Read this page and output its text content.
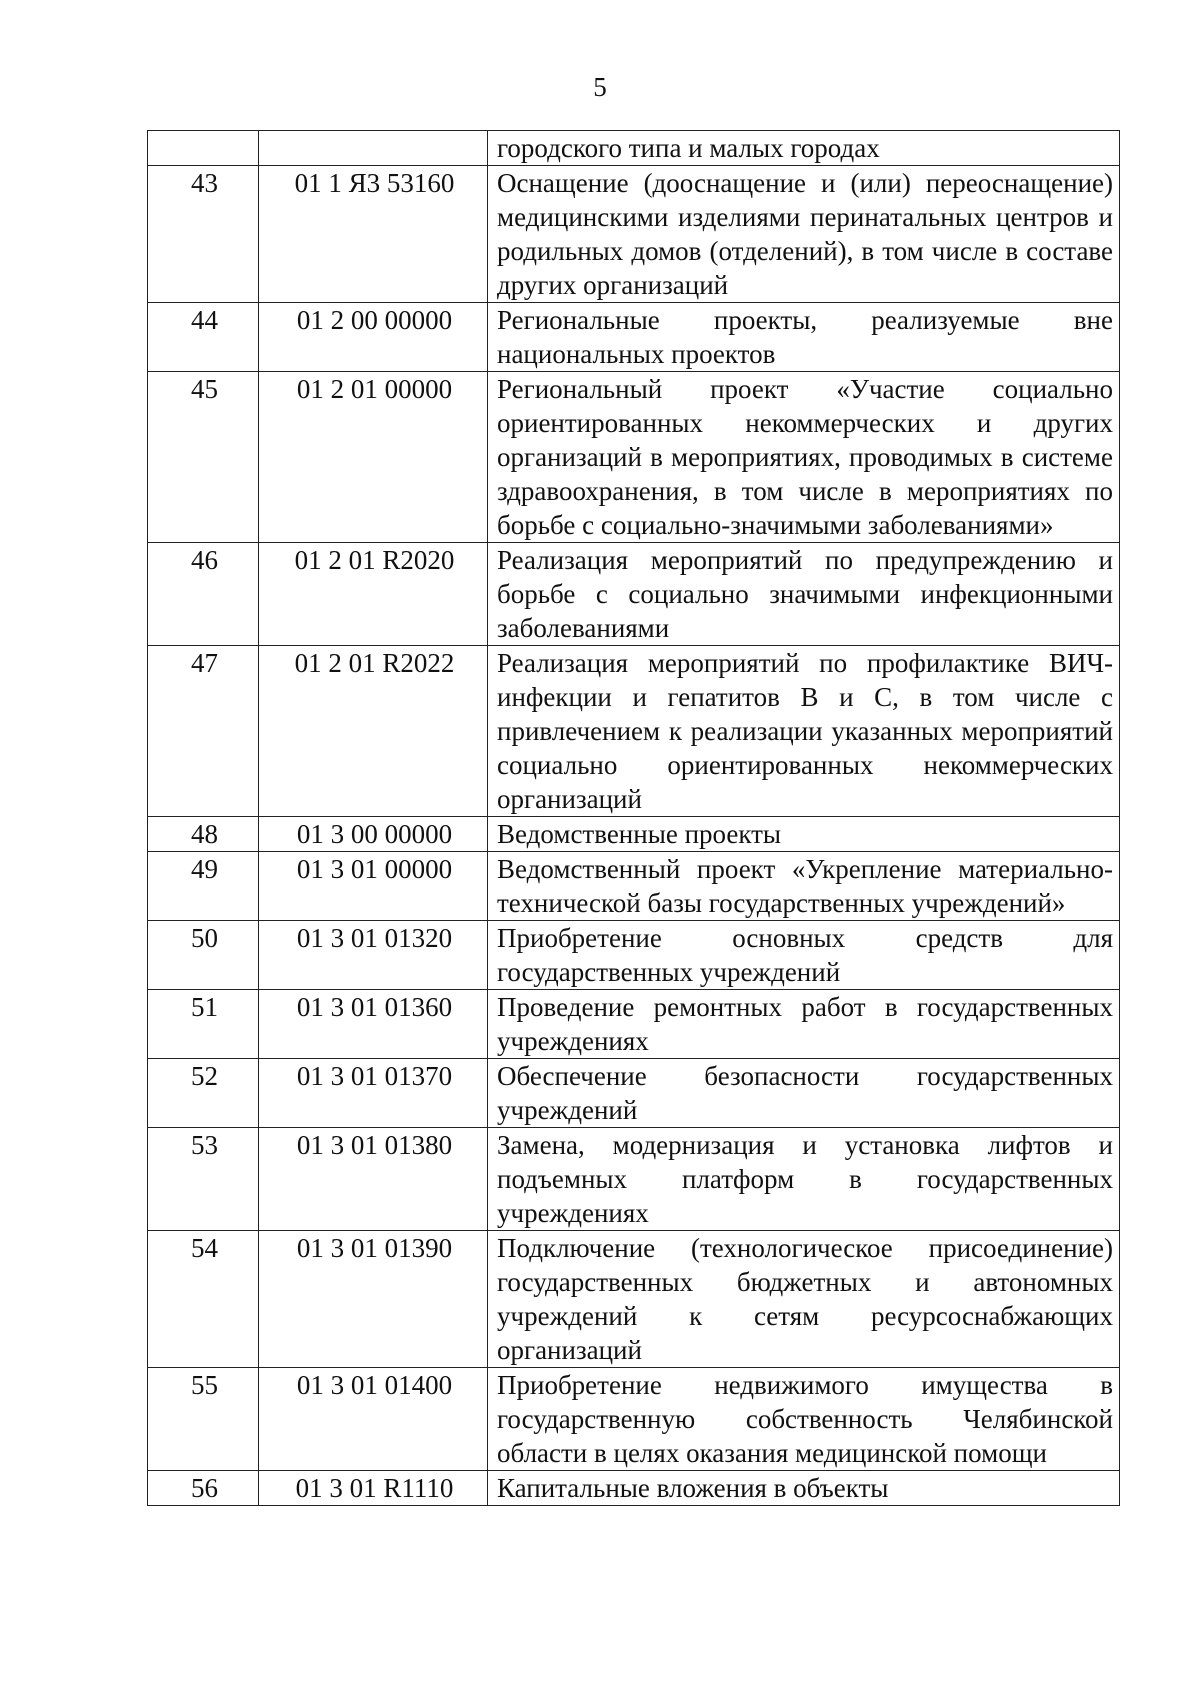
5
		городского типа и малых городах
43	01 1 Я3 53160	Оснащение (дооснащение и (или) переоснащение) медицинскими изделиями перинатальных центров и родильных домов (отделений), в том числе в составе других организаций
44	01 2 00 00000	Региональные проекты, реализуемые вне национальных проектов
45	01 2 01 00000	Региональный проект «Участие социально ориентированных некоммерческих и других организаций в мероприятиях, проводимых в системе здравоохранения, в том числе в мероприятиях по борьбе с социально-значимыми заболеваниями»
46	01 2 01 R2020	Реализация мероприятий по предупреждению и борьбе с социально значимыми инфекционными заболеваниями
47	01 2 01 R2022	Реализация мероприятий по профилактике ВИЧ-инфекции и гепатитов B и C, в том числе с привлечением к реализации указанных мероприятий социально ориентированных некоммерческих организаций
48	01 3 00 00000	Ведомственные проекты
49	01 3 01 00000	Ведомственный проект «Укрепление материально-технической базы государственных учреждений»
50	01 3 01 01320	Приобретение основных средств для государственных учреждений
51	01 3 01 01360	Проведение ремонтных работ в государственных учреждениях
52	01 3 01 01370	Обеспечение безопасности государственных учреждений
53	01 3 01 01380	Замена, модернизация и установка лифтов и подъемных платформ в государственных учреждениях
54	01 3 01 01390	Подключение (технологическое присоединение) государственных бюджетных и автономных учреждений к сетям ресурсоснабжающих организаций
55	01 3 01 01400	Приобретение недвижимого имущества в государственную собственность Челябинской области в целях оказания медицинской помощи
56	01 3 01 R1110	Капитальные вложения в объекты
